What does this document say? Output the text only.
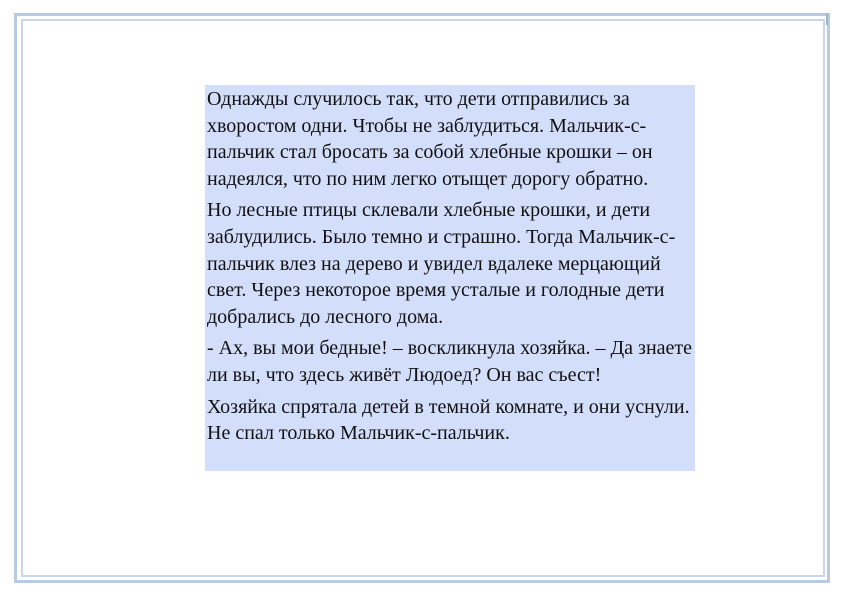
Однажды случилось так, что дети отправились за хворостом одни. Чтобы не заблудиться. Мальчик-с-пальчик стал бросать за собой хлебные крошки – он надеялся, что по ним легко отыщет дорогу обратно.

Но лесные птицы склевали хлебные крошки, и дети заблудились. Было темно и страшно. Тогда Мальчик-с-пальчик влез на дерево и увидел вдалеке мерцающий свет. Через некоторое время усталые и голодные дети добрались до лесного дома.

- Ах, вы мои бедные! – воскликнула хозяйка. – Да знаете ли вы, что здесь живёт Людоед? Он вас съест!

Хозяйка спрятала детей в темной комнате, и они уснули. Не спал только Мальчик-с-пальчик.
